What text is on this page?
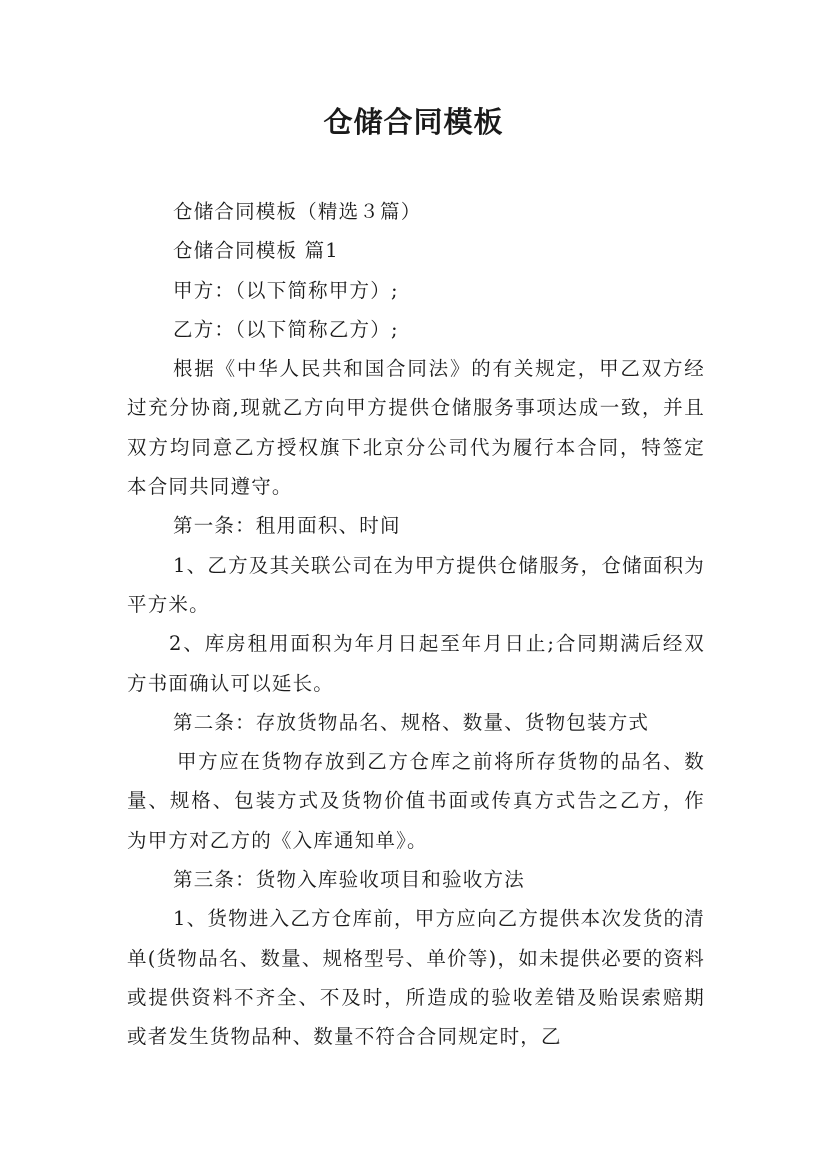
仓储合同模板

仓储合同模板（精选３篇）

仓储合同模板 篇1

甲方：（以下简称甲方）;

乙方：（以下简称乙方）;

根据《中华人民共和国合同法》的有关规定，甲乙双方经过充分协商,现就乙方向甲方提供仓储服务事项达成一致，并且双方均同意乙方授权旗下北京分公司代为履行本合同，特签定本合同共同遵守。

第一条：租用面积、时间

1、乙方及其关联公司在为甲方提供仓储服务，仓储面积为 平方米。

2、库房租用面积为年月日起至年月日止;合同期满后经双方书面确认可以延长。

第二条：存放货物品名、规格、数量、货物包装方式

甲方应在货物存放到乙方仓库之前将所存货物的品名、数量、规格、包装方式及货物价值书面或传真方式告之乙方，作为甲方对乙方的《入库通知单》。

第三条：货物入库验收项目和验收方法

1、货物进入乙方仓库前，甲方应向乙方提供本次发货的清单(货物品名、数量、规格型号、单价等)，如未提供必要的资料或提供资料不齐全、不及时，所造成的验收差错及贻误索赔期或者发生货物品种、数量不符合合同规定时，乙
